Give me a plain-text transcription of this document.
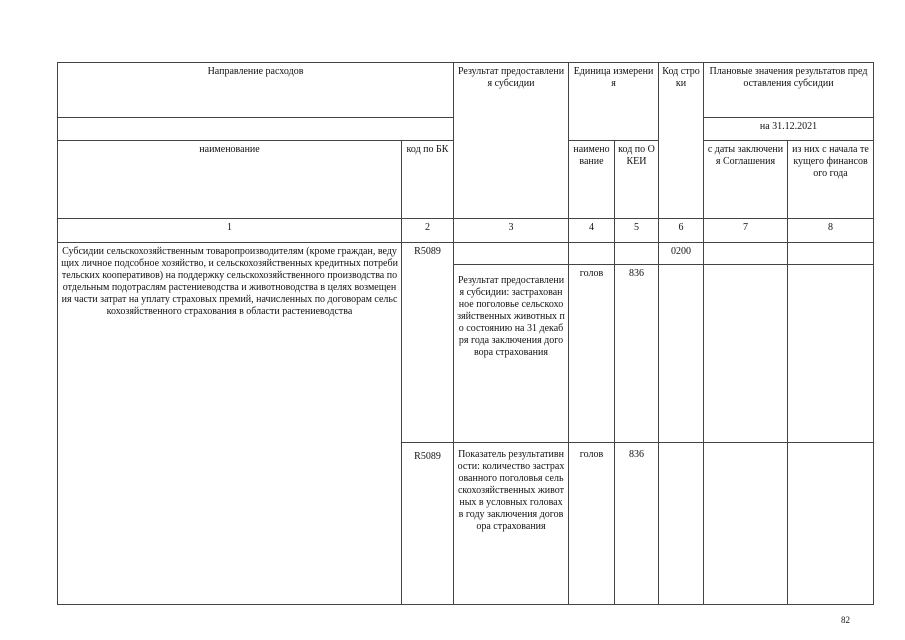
Направление расходов		Результат предоставления субсидии	Единица измерения		Код строки	Плановые значения результатов предоставления субсидии	
						на 31.12.2021	
наименование	код по БК		наименование	код по ОКЕИ		с даты заключения Соглашения	из них с начала текущего финансового года
1	2	3	4	5	6	7	8
Субсидии сельскохозяйственным товаропроизводителям (кроме граждан, ведущих личное подсобное хозяйство, и сельскохозяйственных кредитных потребительских кооперативов) на поддержку сельскохозяйственного производства по отдельным подотраслям растениеводства и животноводства в целях возмещения части затрат на уплату страховых премий, начисленных по договорам сельскохозяйственного страхования в области растениеводства	R5089				0200		
		Результат предоставления субсидии: застрахованное поголовье сельскохозяйственных животных по состоянию на 31 декабря года заключения договора страхования	голов	836			
	R5089	Показатель результативности: количество застрахованного поголовья сельскохозяйственных животных в условных головах в году заключения договора страхования	голов	836			
82
